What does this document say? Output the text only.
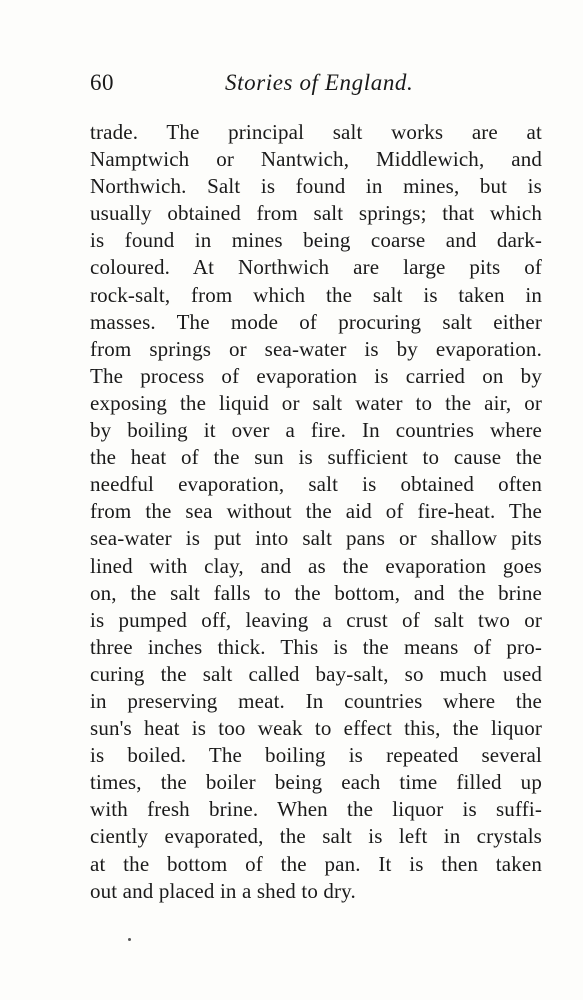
60	Stories of England.
trade. The principal salt works are at
Namptwich or Nantwich, Middlewich, and
Northwich. Salt is found in mines, but is
usually obtained from salt springs; that which
is found in mines being coarse and dark-
coloured. At Northwich are large pits of
rock-salt, from which the salt is taken in
masses. The mode of procuring salt either
from springs or sea-water is by evaporation.
The process of evaporation is carried on by
exposing the liquid or salt water to the air, or
by boiling it over a fire. In countries where
the heat of the sun is sufficient to cause the
needful evaporation, salt is obtained often
from the sea without the aid of fire-heat. The
sea-water is put into salt pans or shallow pits
lined with clay, and as the evaporation goes
on, the salt falls to the bottom, and the brine
is pumped off, leaving a crust of salt two or
three inches thick. This is the means of pro-
curing the salt called bay-salt, so much used
in preserving meat. In countries where the
sun's heat is too weak to effect this, the liquor
is boiled. The boiling is repeated several
times, the boiler being each time filled up
with fresh brine. When the liquor is suffi-
ciently evaporated, the salt is left in crystals
at the bottom of the pan. It is then taken
out and placed in a shed to dry.
